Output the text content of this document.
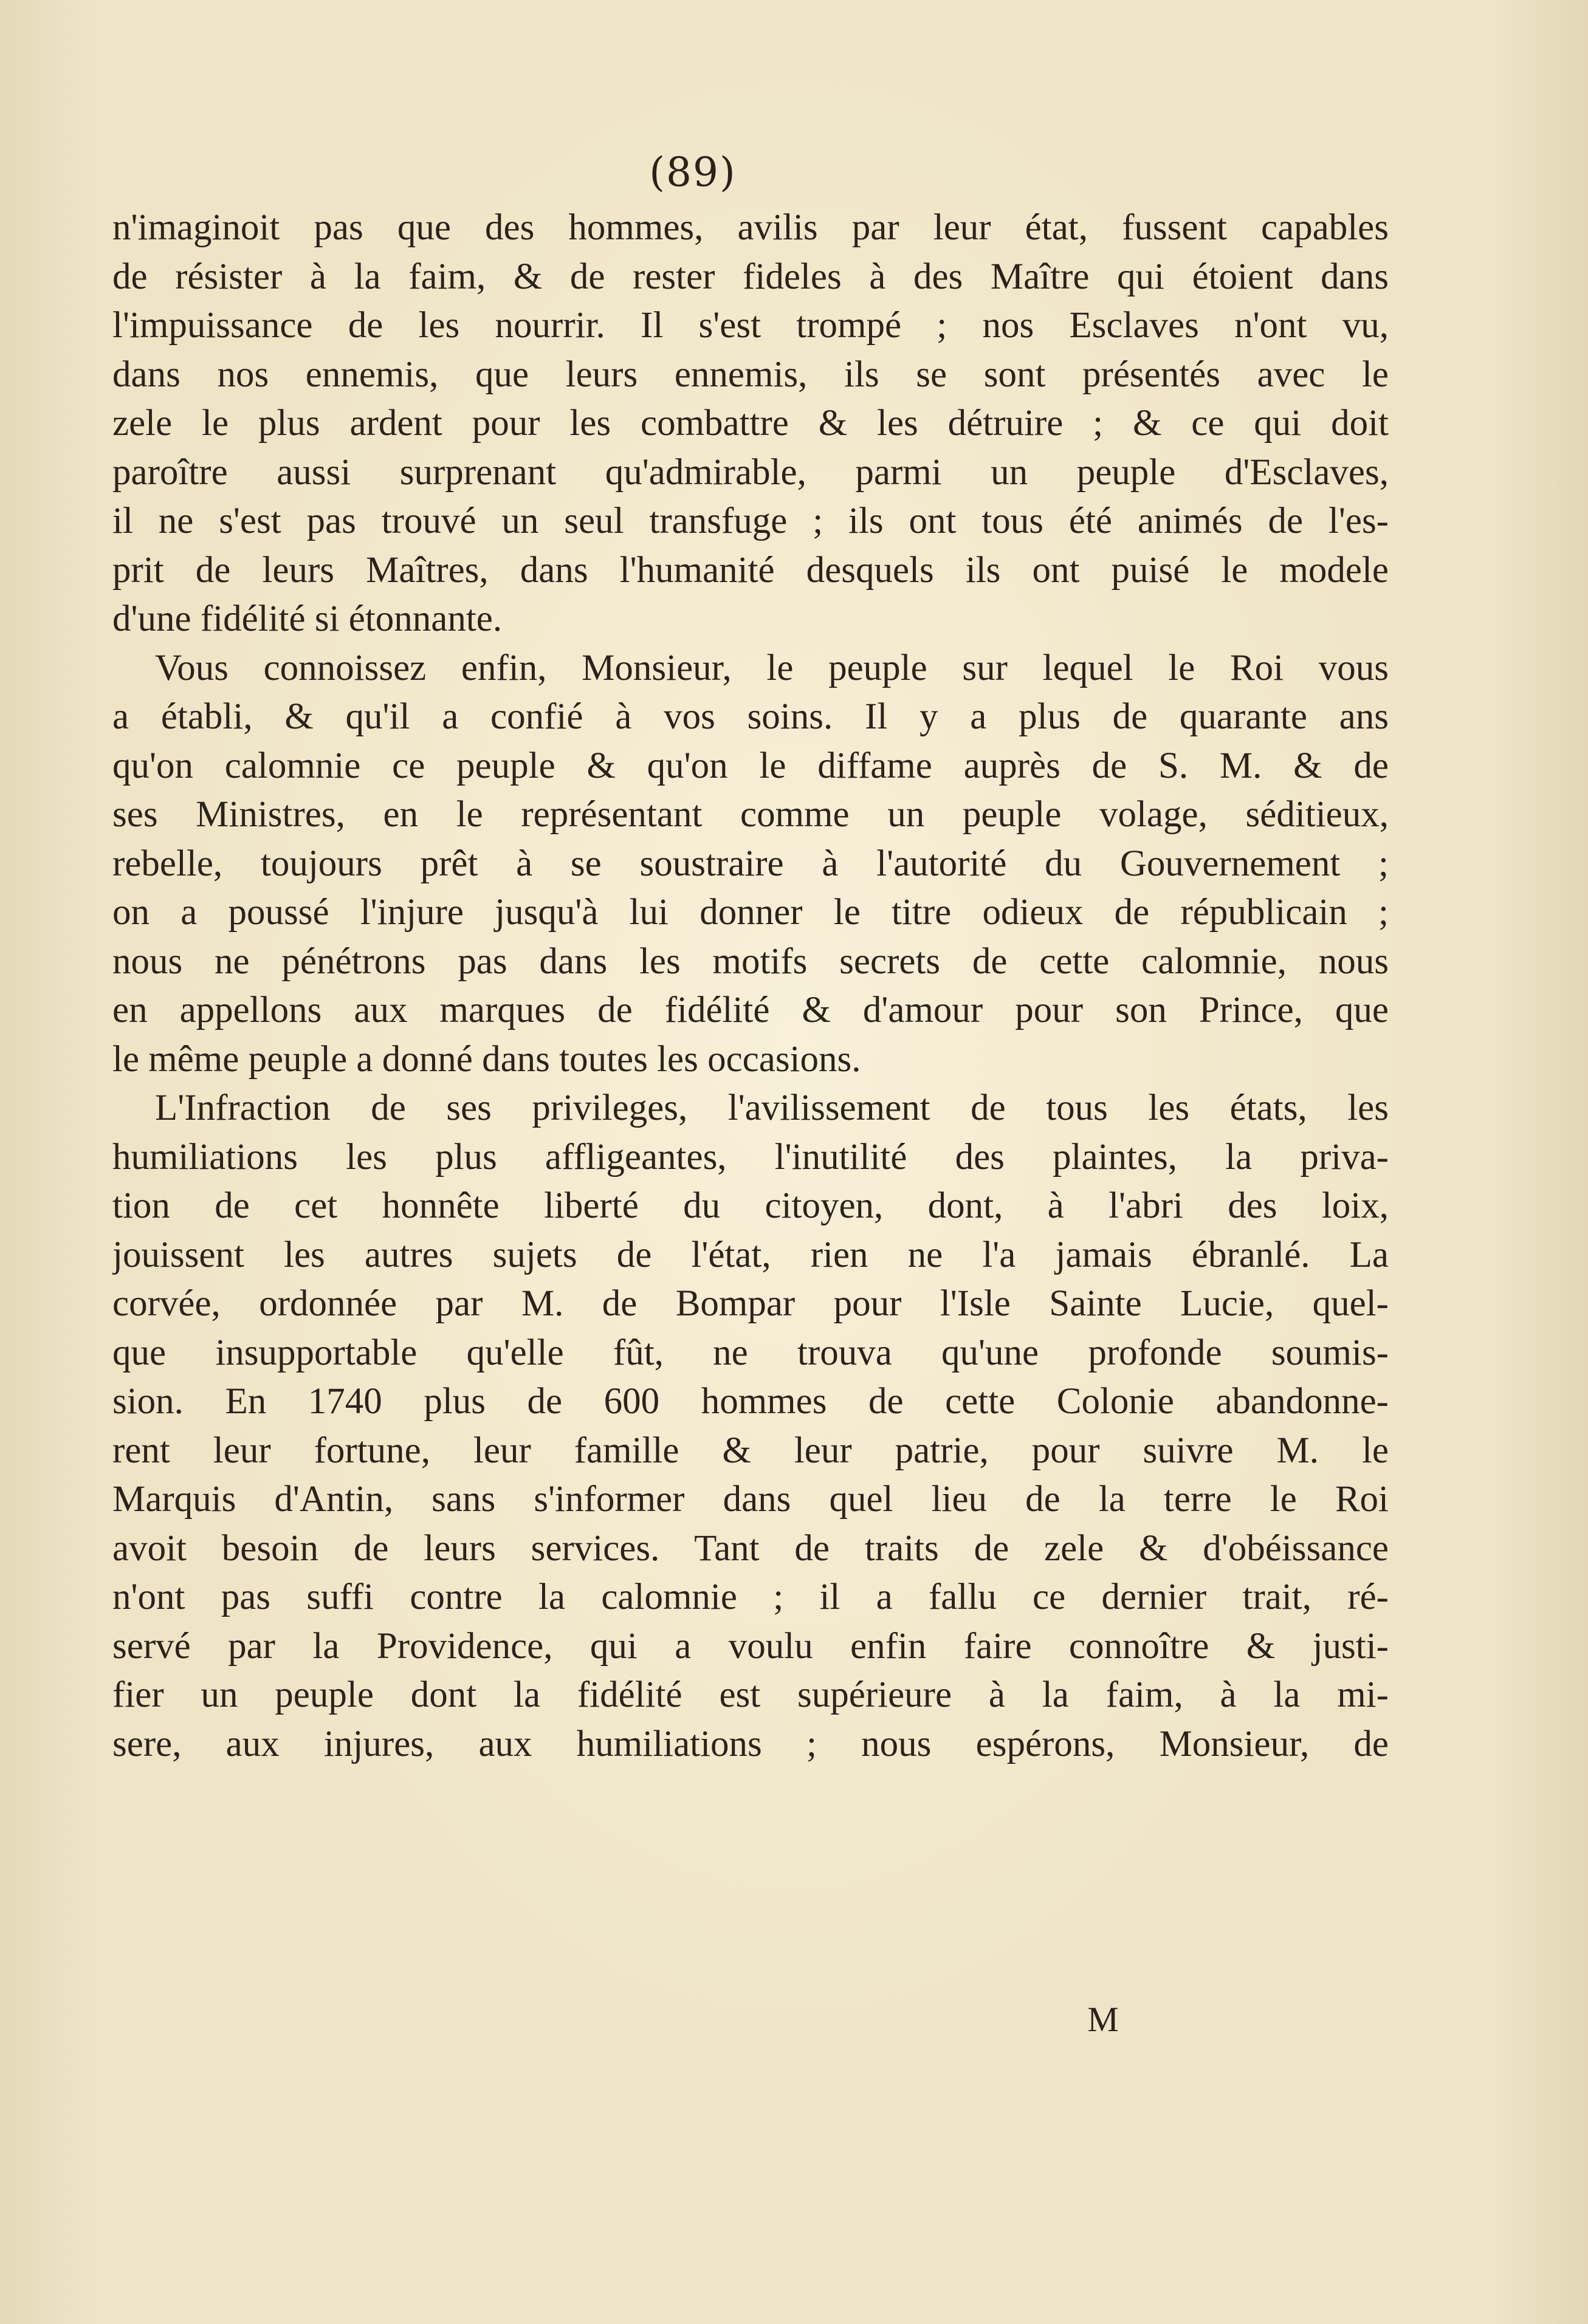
(89)
n'imaginoit pas que des hommes, avilis par leur état, fussent capables
de résister à la faim, & de rester fideles à des Maître qui étoient dans
l'impuissance de les nourrir. Il s'est trompé ; nos Esclaves n'ont vu,
dans nos ennemis, que leurs ennemis, ils se sont présentés avec le
zele le plus ardent pour les combattre & les détruire ; & ce qui doit
paroître aussi surprenant qu'admirable, parmi un peuple d'Esclaves,
il ne s'est pas trouvé un seul transfuge ; ils ont tous été animés de l'es-
prit de leurs Maîtres, dans l'humanité desquels ils ont puisé le modele
d'une fidélité si étonnante.
Vous connoissez enfin, Monsieur, le peuple sur lequel le Roi vous
a établi, & qu'il a confié à vos soins. Il y a plus de quarante ans
qu'on calomnie ce peuple & qu'on le diffame auprès de S. M. & de
ses Ministres, en le représentant comme un peuple volage, séditieux,
rebelle, toujours prêt à se soustraire à l'autorité du Gouvernement ;
on a poussé l'injure jusqu'à lui donner le titre odieux de républicain ;
nous ne pénétrons pas dans les motifs secrets de cette calomnie, nous
en appellons aux marques de fidélité & d'amour pour son Prince, que
le même peuple a donné dans toutes les occasions.
L'Infraction de ses privileges, l'avilissement de tous les états, les
humiliations les plus affligeantes, l'inutilité des plaintes, la priva-
tion de cet honnête liberté du citoyen, dont, à l'abri des loix,
jouissent les autres sujets de l'état, rien ne l'a jamais ébranlé. La
corvée, ordonnée par M. de Bompar pour l'Isle Sainte Lucie, quel-
que insupportable qu'elle fût, ne trouva qu'une profonde soumis-
sion. En 1740 plus de 600 hommes de cette Colonie abandonne-
rent leur fortune, leur famille & leur patrie, pour suivre M. le
Marquis d'Antin, sans s'informer dans quel lieu de la terre le Roi
avoit besoin de leurs services. Tant de traits de zele & d'obéissance
n'ont pas suffi contre la calomnie ; il a fallu ce dernier trait, ré-
servé par la Providence, qui a voulu enfin faire connoître & justi-
fier un peuple dont la fidélité est supérieure à la faim, à la mi-
sere, aux injures, aux humiliations ; nous espérons, Monsieur, de
M
